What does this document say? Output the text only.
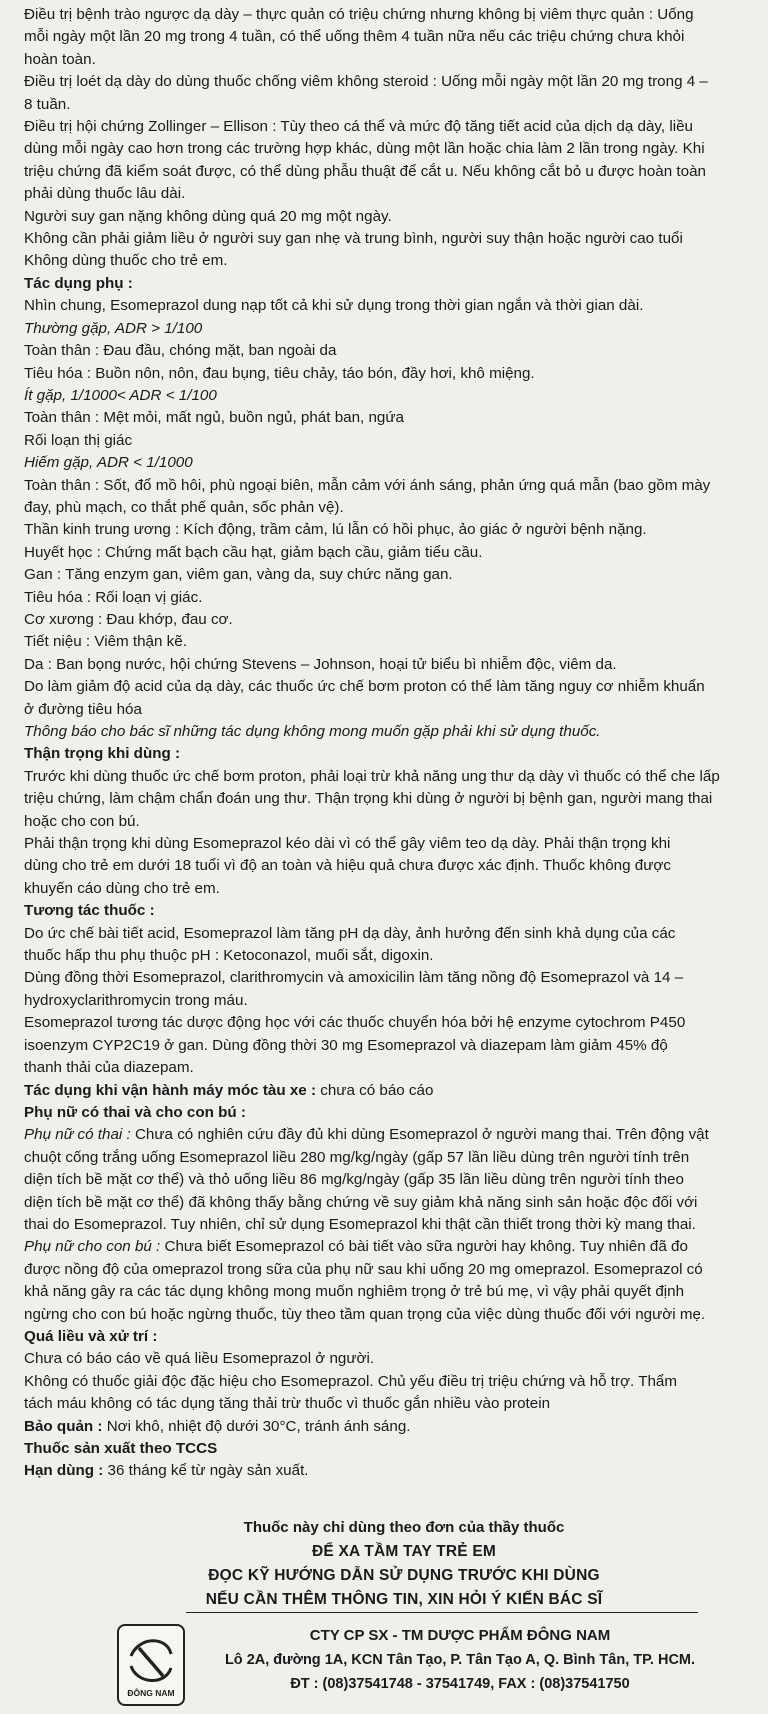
Điều trị bệnh trào ngược dạ dày – thực quản có triệu chứng nhưng không bị viêm thực quản : Uống

mỗi ngày một lần 20 mg trong 4 tuần, có thể uống thêm 4 tuần nữa nếu các triệu chứng chưa khỏi

hoàn toàn.

Điều trị loét dạ dày do dùng thuốc chống viêm không steroid : Uống mỗi ngày một lần 20 mg trong 4 –

8 tuần.

Điều trị hội chứng Zollinger – Ellison : Tùy theo cá thể và mức độ tăng tiết acid của dịch dạ dày, liều

dùng mỗi ngày cao hơn trong các trường hợp khác, dùng một lần hoặc chia làm 2 lần trong ngày. Khi

triệu chứng đã kiểm soát được, có thể dùng phẫu thuật để cắt u. Nếu không cắt bỏ u được hoàn toàn

phải dùng thuốc lâu dài.

Người suy gan nặng không dùng quá 20 mg một ngày.

Không cần phải giảm liều ở người suy gan nhẹ và trung bình, người suy thận hoặc người cao tuổi

Không dùng thuốc cho trẻ em.

Tác dụng phụ :

Nhìn chung, Esomeprazol dung nạp tốt cả khi sử dụng trong thời gian ngắn và thời gian dài.

Thường gặp, ADR > 1/100

Toàn thân : Đau đầu, chóng mặt, ban ngoài da

Tiêu hóa : Buồn nôn, nôn, đau bụng, tiêu chảy, táo bón, đầy hơi, khô miệng.

Ít gặp, 1/1000< ADR < 1/100

Toàn thân : Mệt mỏi, mất ngủ, buồn ngủ, phát ban, ngứa

Rối loạn thị giác

Hiếm gặp, ADR < 1/1000

Toàn thân : Sốt, đổ mồ hôi, phù ngoại biên, mẫn cảm với ánh sáng, phản ứng quá mẫn (bao gồm mày

đay, phù mạch, co thắt phế quản, sốc phản vệ).

Thần kinh trung ương : Kích động, trầm cảm, lú lẫn có hồi phục, ảo giác ở người bệnh nặng.

Huyết học : Chứng mất bạch cầu hạt, giảm bạch cầu, giảm tiểu cầu.

Gan : Tăng enzym gan, viêm gan, vàng da, suy chức năng gan.

Tiêu hóa : Rối loạn vị giác.

Cơ xương : Đau khớp, đau cơ.

Tiết niệu : Viêm thận kẽ.

Da : Ban bọng nước, hội chứng Stevens – Johnson, hoại tử biểu bì nhiễm độc, viêm da.

Do làm giảm độ acid của dạ dày, các thuốc ức chế bơm proton có thể làm tăng nguy cơ nhiễm khuẩn

ở đường tiêu hóa

Thông báo cho bác sĩ những tác dụng không mong muốn gặp phải khi sử dụng thuốc.

Thận trọng khi dùng :

Trước khi dùng thuốc ức chế bơm proton, phải loại trừ khả năng ung thư dạ dày vì thuốc có thể che lấp

triệu chứng, làm chậm chẩn đoán ung thư. Thận trọng khi dùng ở người bị bệnh gan, người mang thai

hoặc cho con bú.

Phải thận trọng khi dùng Esomeprazol kéo dài vì có thể gây viêm teo dạ dày. Phải thận trọng khi

dùng cho trẻ em dưới 18 tuổi vì độ an toàn và hiệu quả chưa được xác định. Thuốc không được

khuyến cáo dùng cho trẻ em.

Tương tác thuốc :

Do ức chế bài tiết acid, Esomeprazol làm tăng pH dạ dày, ảnh hưởng đến sinh khả dụng của các

thuốc hấp thu phụ thuộc pH : Ketoconazol, muối sắt, digoxin.

Dùng đồng thời Esomeprazol, clarithromycin và amoxicilin làm tăng nồng độ Esomeprazol và 14 –

hydroxyclarithromycin trong máu.

Esomeprazol tương tác dược động học với các thuốc chuyển hóa bởi hệ enzyme cytochrom P450

isoenzym CYP2C19 ở gan. Dùng đồng thời 30 mg Esomeprazol và diazepam làm giảm 45% độ

thanh thải của diazepam.

Tác dụng khi vận hành máy móc tàu xe : chưa có báo cáo

Phụ nữ có thai và cho con bú :

Phụ nữ có thai : Chưa có nghiên cứu đầy đủ khi dùng Esomeprazol ở người mang thai. Trên động vật

chuột cống trắng uống Esomeprazol liều 280 mg/kg/ngày (gấp 57 lần liều dùng trên người tính trên

diện tích bề mặt cơ thể) và thỏ uống liều 86 mg/kg/ngày (gấp 35 lần liều dùng trên người tính theo

diện tích bề mặt cơ thể) đã không thấy bằng chứng về suy giảm khả năng sinh sản hoặc độc đối với

thai do Esomeprazol. Tuy nhiên, chỉ sử dụng Esomeprazol khi thật cần thiết trong thời kỳ mang thai.

Phụ nữ cho con bú : Chưa biết Esomeprazol có bài tiết vào sữa người hay không. Tuy nhiên đã đo

được nồng độ của omeprazol trong sữa của phụ nữ sau khi uống 20 mg omeprazol. Esomeprazol có

khả năng gây ra các tác dụng không mong muốn nghiêm trọng ở trẻ bú mẹ, vì vậy phải quyết định

ngừng cho con bú hoặc ngừng thuốc, tùy theo tầm quan trọng của việc dùng thuốc đối với người mẹ.

Quá liều và xử trí :

Chưa có báo cáo về quá liều Esomeprazol ở người.

Không có thuốc giải độc đặc hiệu cho Esomeprazol. Chủ yếu điều trị triệu chứng và hỗ trợ. Thẩm

tách máu không có tác dụng tăng thải trừ thuốc vì thuốc gắn nhiều vào protein

Bảo quản : Nơi khô, nhiệt độ dưới 30°C, tránh ánh sáng.

Thuốc sản xuất theo TCCS

Hạn dùng : 36 tháng kể từ ngày sản xuất.

Thuốc này chỉ dùng theo đơn của thầy thuốc
ĐỂ XA TẦM TAY TRẺ EM
ĐỌC KỸ HƯỚNG DẪN SỬ DỤNG TRƯỚC KHI DÙNG
NẾU CẦN THÊM THÔNG TIN, XIN HỎI Ý KIẾN BÁC SĨ
ĐÔNG NAM
CTY CP SX - TM DƯỢC PHẨM ĐÔNG NAM
Lô 2A, đường 1A, KCN Tân Tạo, P. Tân Tạo A, Q. Bình Tân, TP. HCM.
ĐT : (08)37541748 - 37541749, FAX : (08)37541750
